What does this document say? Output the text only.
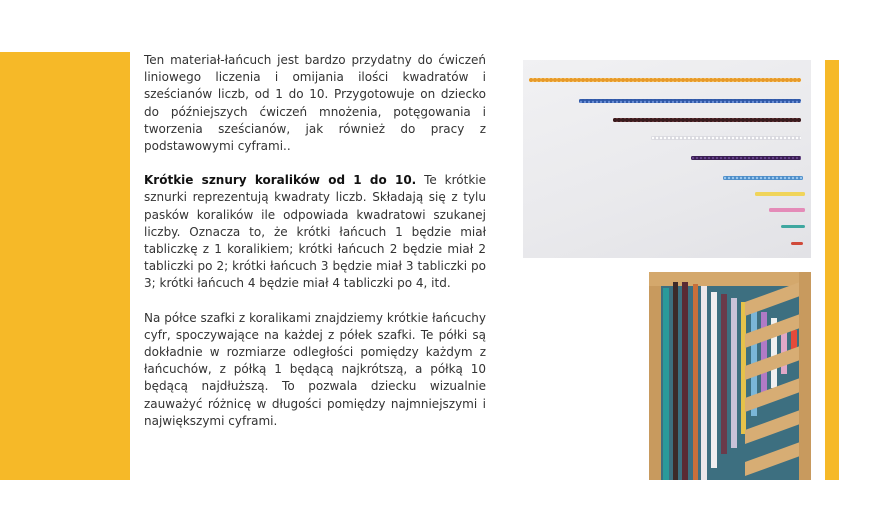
Ten materiał-łańcuch jest bardzo przydatny do ćwiczeń liniowego liczenia i omijania ilości kwadratów i sześcianów liczb, od 1 do 10. Przygotowuje on dziecko do późniejszych ćwiczeń mnożenia, potęgowania i tworzenia sześcianów, jak również do pracy z podstawowymi cyframi..

Krótkie sznury koralików od 1 do 10. Te krótkie sznurki reprezentują kwadraty liczb. Składają się z tylu pasków koralików ile odpowiada kwadratowi szukanej liczby. Oznacza to, że krótki łańcuch 1 będzie miał tabliczkę z 1 koralikiem; krótki łańcuch 2 będzie miał 2 tabliczki po 2; krótki łańcuch 3 będzie miał 3 tabliczki po 3; krótki łańcuch 4 będzie miał 4 tabliczki po 4, itd.

Na półce szafki z koralikami znajdziemy krótkie łańcuchy cyfr, spoczywające na każdej z półek szafki. Te półki są dokładnie w rozmiarze odległości pomiędzy każdym z łańcuchów, z półką 1 będącą najkrótszą, a półką 10 będącą najdłuższą. To pozwala dziecku wizualnie zauważyć różnicę w długości pomiędzy najmniejszymi i największymi cyframi.
